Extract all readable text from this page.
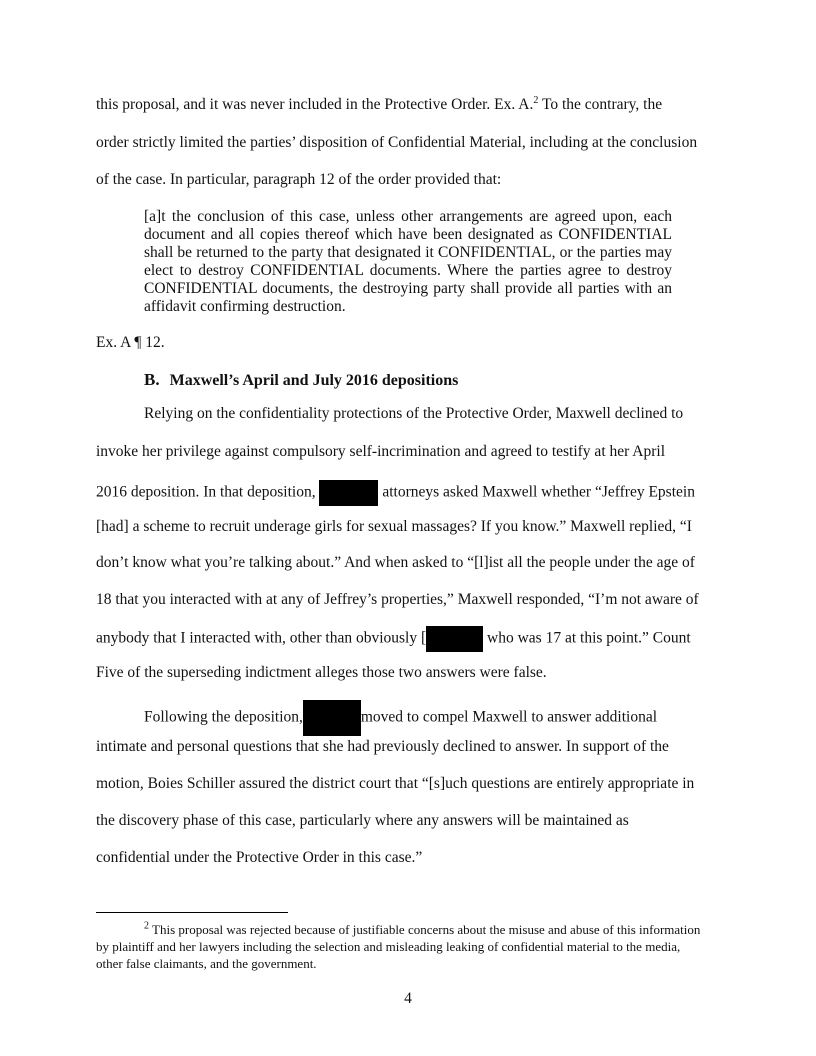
this proposal, and it was never included in the Protective Order. Ex. A.$^2$ To the contrary, the
order strictly limited the parties’ disposition of Confidential Material, including at the conclusion
of the case. In particular, paragraph 12 of the order provided that:

[a]t the conclusion of this case, unless other arrangements are agreed upon, each document and all copies thereof which have been designated as CONFIDENTIAL shall be returned to the party that designated it CONFIDENTIAL, or the parties may elect to destroy CONFIDENTIAL documents. Where the parties agree to destroy CONFIDENTIAL documents, the destroying party shall provide all parties with an affidavit confirming destruction.

Ex. A ¶ 12.
B. Maxwell’s April and July 2016 depositions
Relying on the confidentiality protections of the Protective Order, Maxwell declined to
invoke her privilege against compulsory self-incrimination and agreed to testify at her April
2016 deposition. In that deposition,	attorneys asked Maxwell whether “Jeffrey Epstein
[had] a scheme to recruit underage girls for sexual massages? If you know.” Maxwell replied, “I
don’t know what you’re talking about.” And when asked to “[l]ist all the people under the age of
18 that you interacted with at any of Jeffrey’s properties,” Maxwell responded, “I’m not aware of
anybody that I interacted with, other than obviously [	who was 17 at this point.” Count
Five of the superseding indictment alleges those two answers were false.
Following the deposition,	moved to compel Maxwell to answer additional
intimate and personal questions that she had previously declined to answer. In support of the
motion, Boies Schiller assured the district court that “[s]uch questions are entirely appropriate in
the discovery phase of this case, particularly where any answers will be maintained as
confidential under the Protective Order in this case.”

$^2$ This proposal was rejected because of justifiable concerns about the misuse and abuse of this information by plaintiff and her lawyers including the selection and misleading leaking of confidential material to the media, other false claimants, and the government.

4
